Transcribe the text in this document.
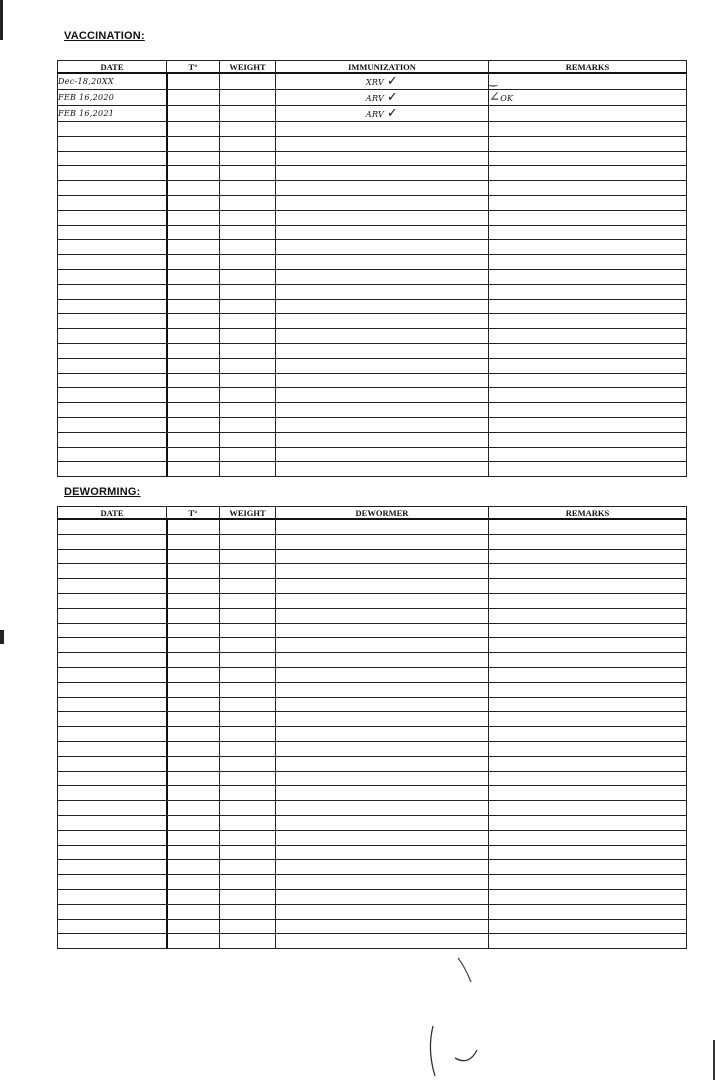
VACCINATION:
DATE	T°	WEIGHT	IMMUNIZATION	REMARKS
Dec-18,20XX			XRV ✓	‿
FEB 16,2020			ARV ✓	∠OK
FEB 16,2021			ARV ✓	

DEWORMING:
DATE	T°	WEIGHT	DEWORMER	REMARKS
